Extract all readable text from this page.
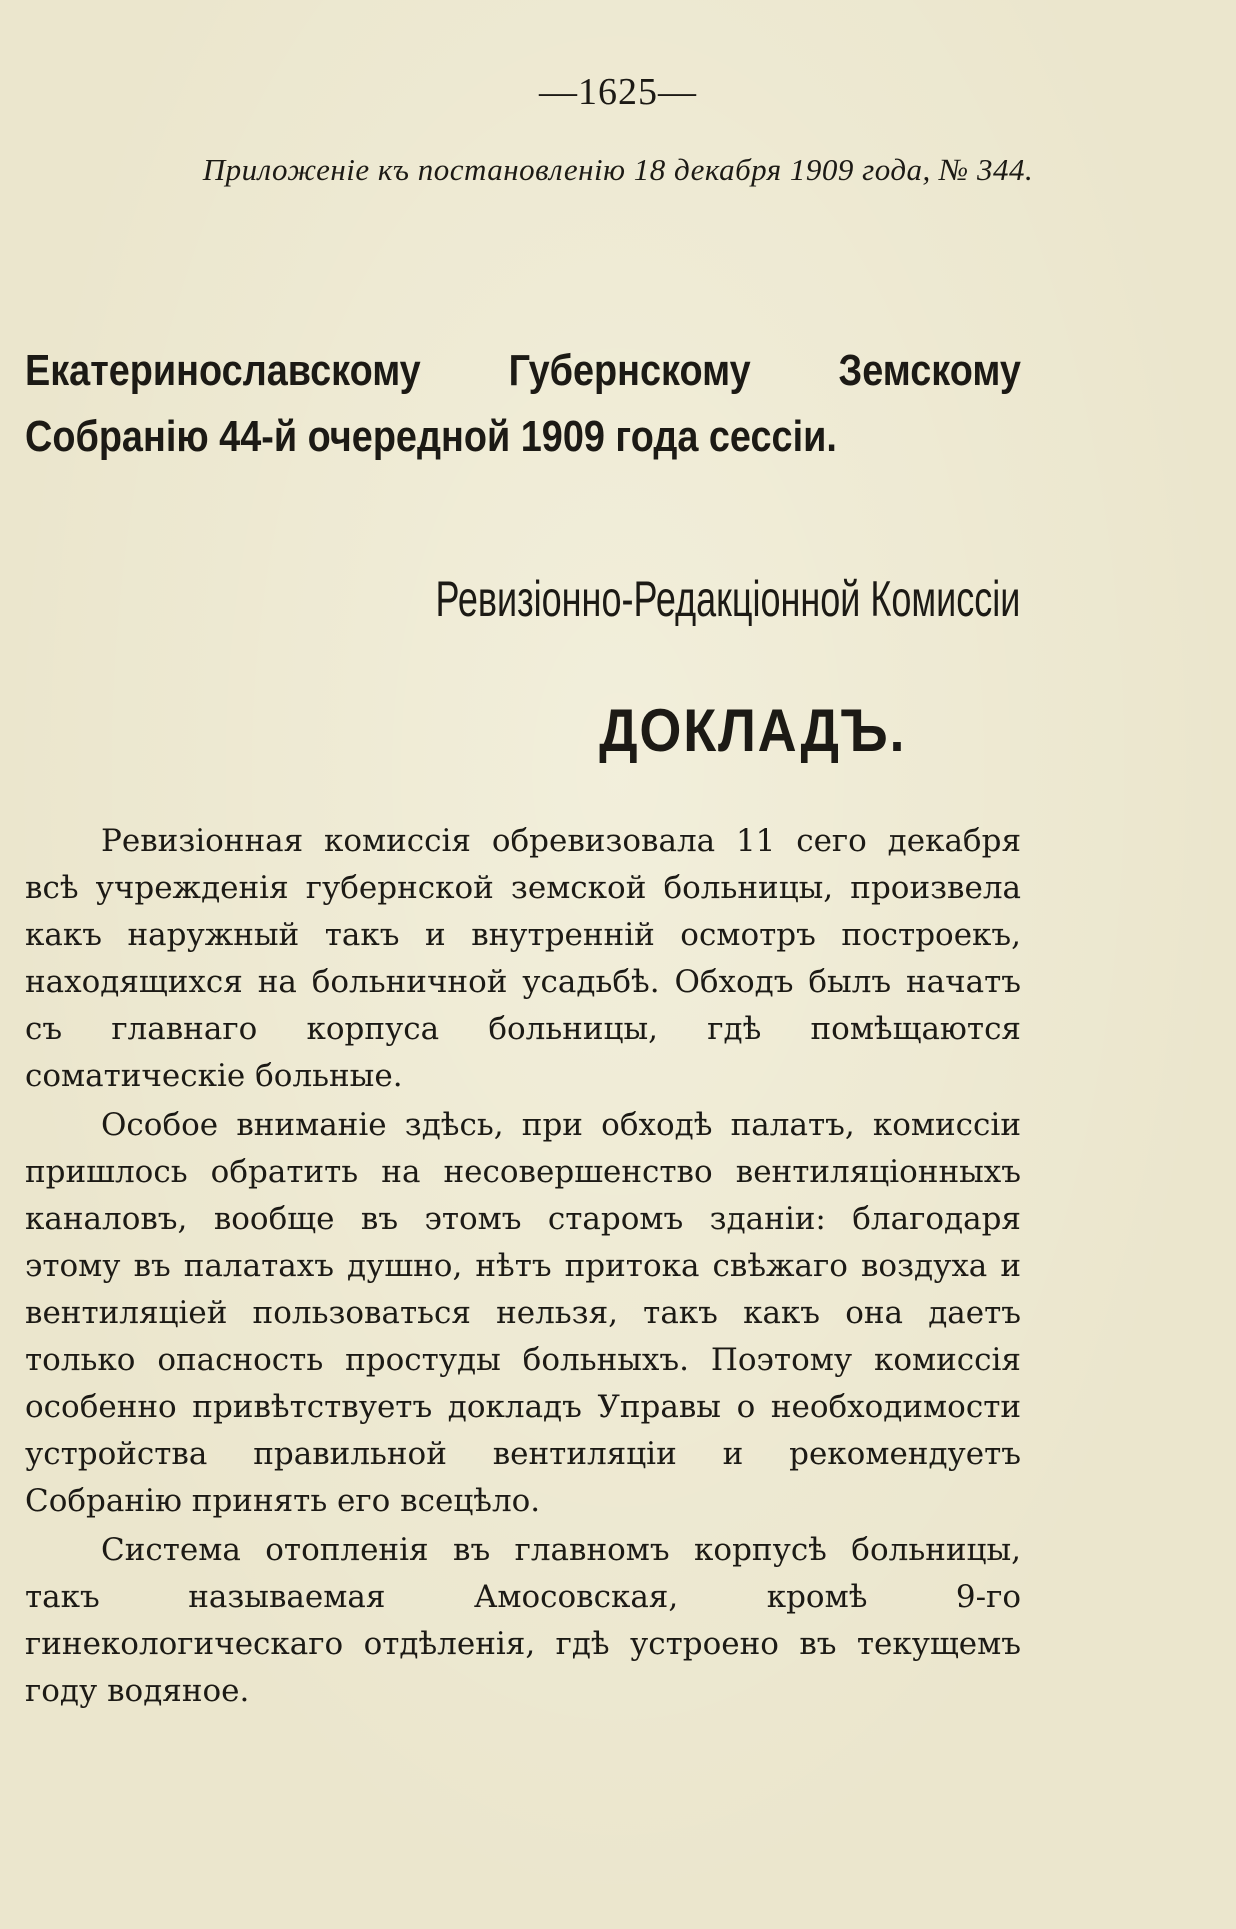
—1625—
Приложеніе къ постановленію 18 декабря 1909 года, № 344.
Екатеринославскому Губернскому Земскому Собранію 44-й очередной 1909 года сессіи.
Ревизіонно-Редакціонной Комиссіи
ДОКЛАДЪ.

Ревизіонная комиссія обревизовала 11 сего декабря всѣ учрежденія губернской земской больницы, произвела какъ наружный такъ и внутренній осмотръ построекъ, находящихся на больничной усадьбѣ. Обходъ былъ начатъ съ главнаго корпуса больницы, гдѣ помѣщаются соматическіе больные.

Особое вниманіе здѣсь, при обходѣ палатъ, комиссіи пришлось обратить на несовершенство вентиляціонныхъ каналовъ, вообще въ этомъ старомъ зданіи: благодаря этому въ палатахъ душно, нѣтъ притока свѣжаго воздуха и вентиляціей пользоваться нельзя, такъ какъ она даетъ только опасность простуды больныхъ. Поэтому комиссія особенно привѣтствуетъ докладъ Управы о необходимости устройства правильной вентиляціи и рекомендуетъ Собранію принять его всецѣло.

Система отопленія въ главномъ корпусѣ больницы, такъ называемая Амосовская, кромѣ 9-го гинекологическаго отдѣленія, гдѣ устроено въ текущемъ году водяное.
